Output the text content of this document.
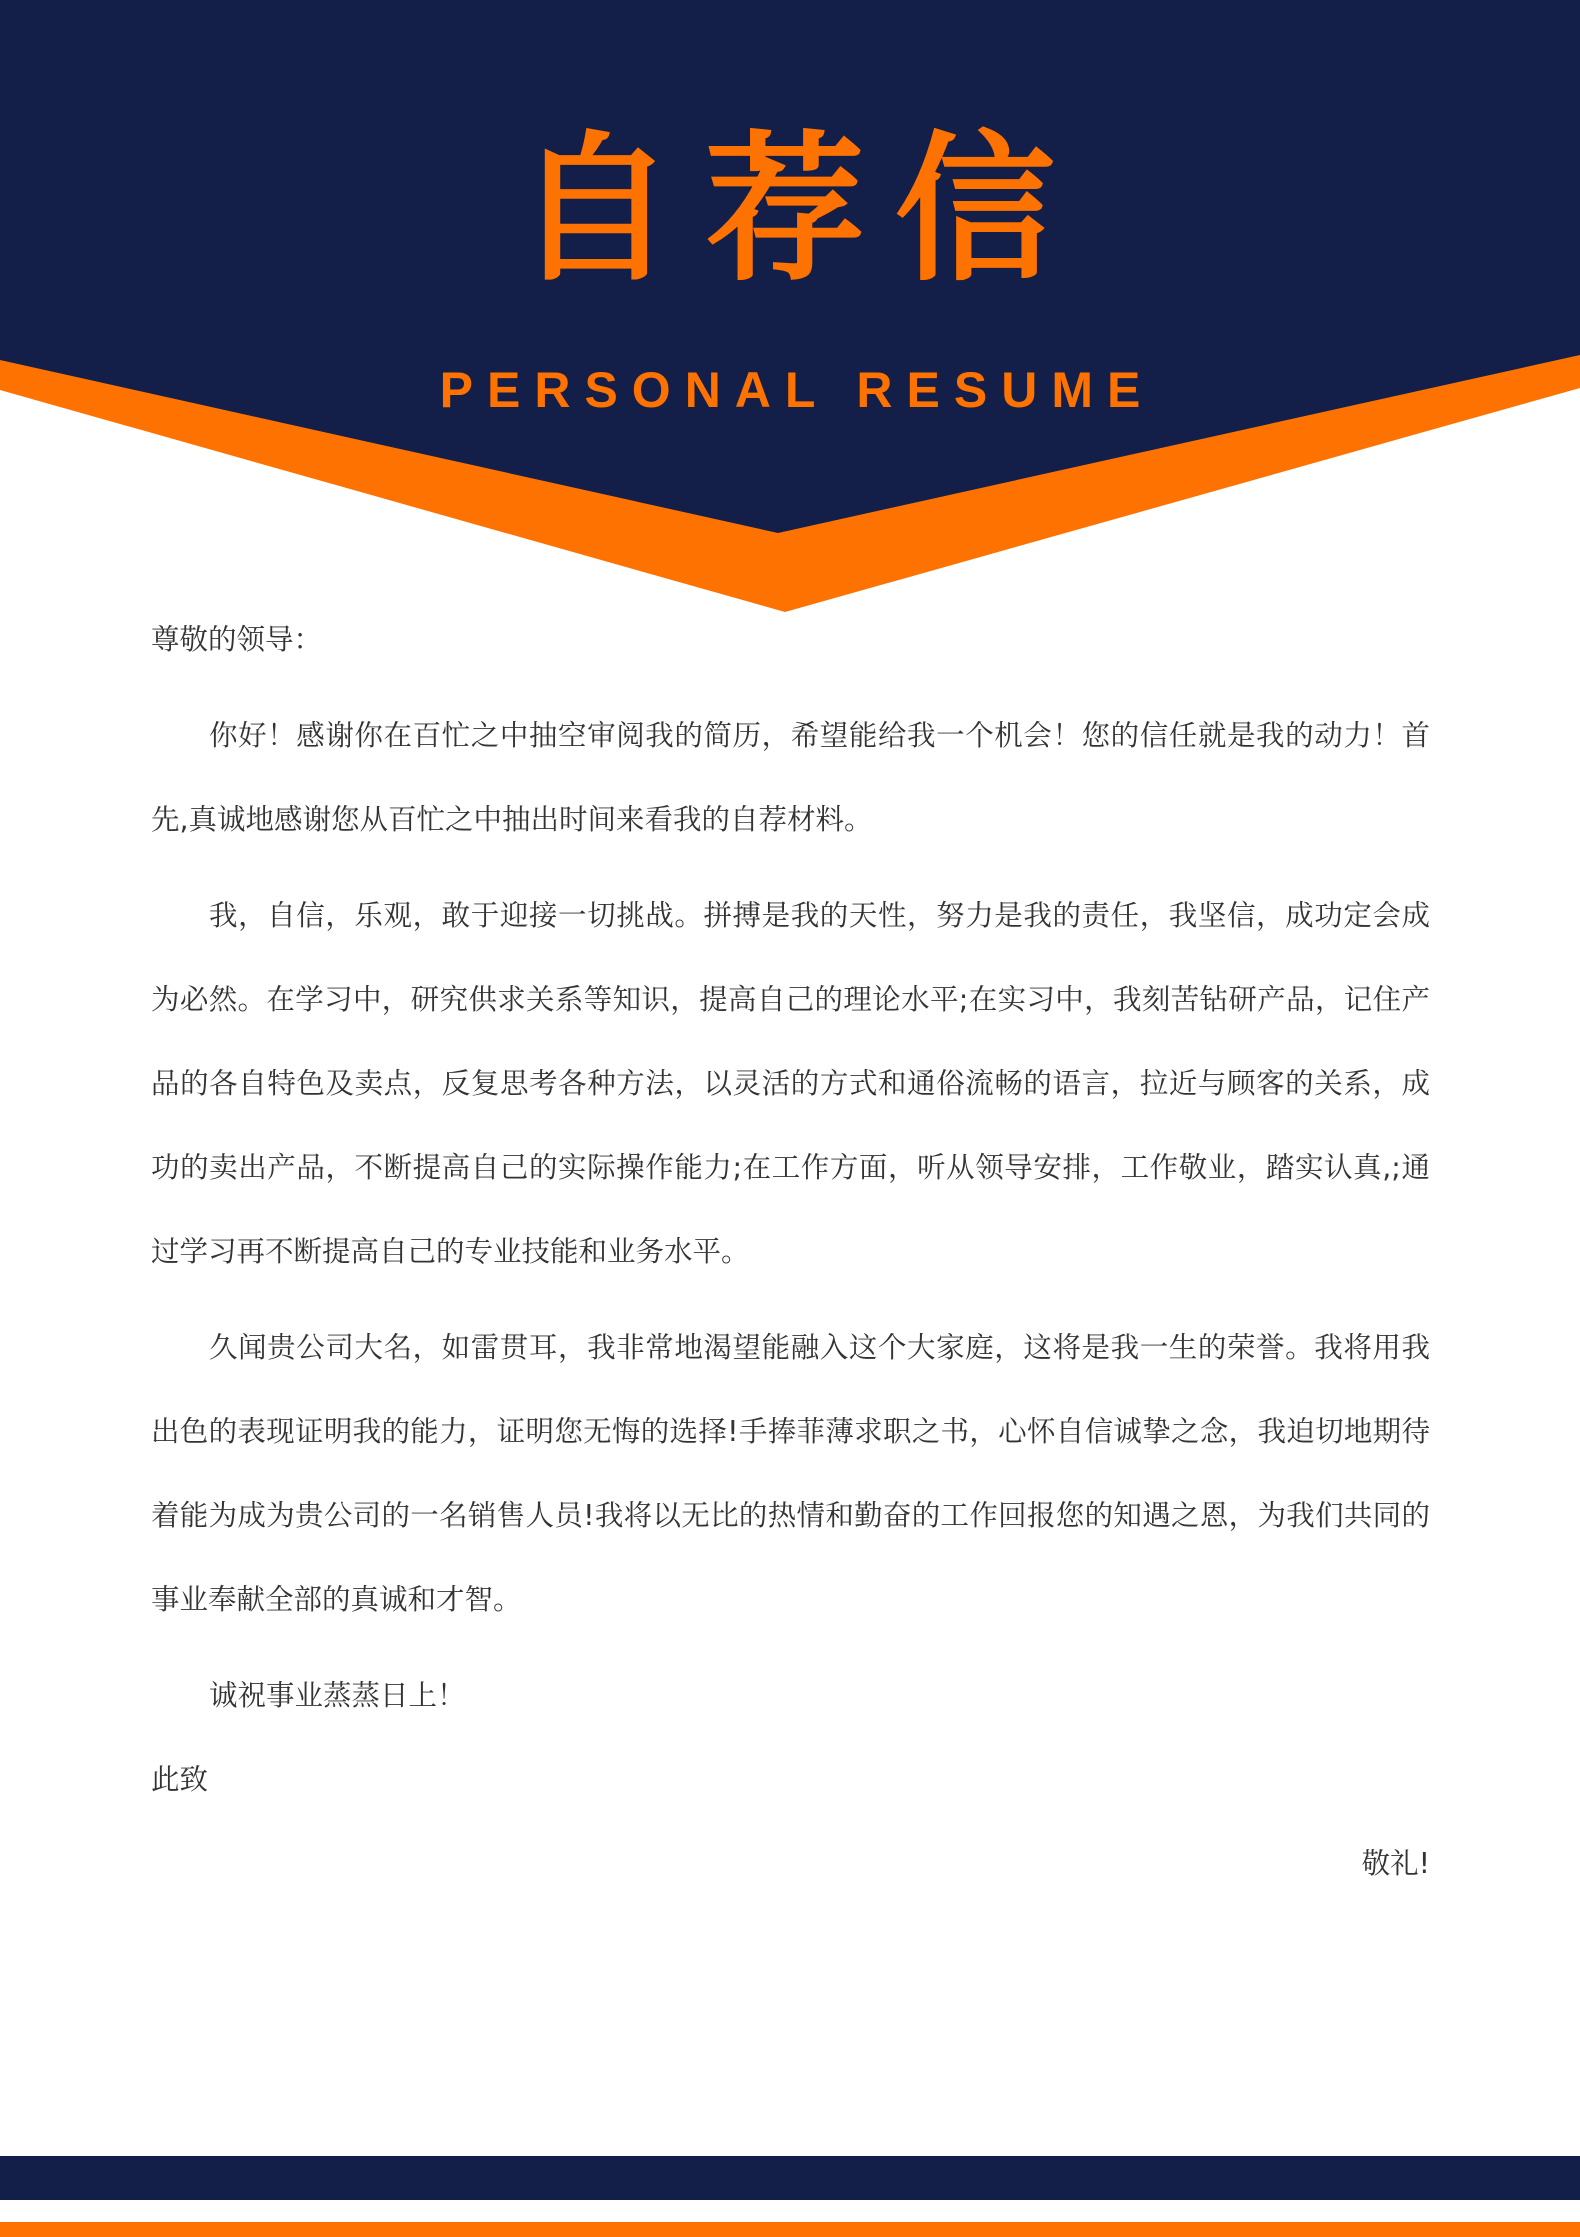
自荐信
PERSONAL RESUME

尊敬的领导：

你好！感谢你在百忙之中抽空审阅我的简历，希望能给我一个机会！您的信任就是我的动力！首先,真诚地感谢您从百忙之中抽出时间来看我的自荐材料。

我，自信，乐观，敢于迎接一切挑战。拼搏是我的天性，努力是我的责任，我坚信，成功定会成为必然。在学习中，研究供求关系等知识，提高自己的理论水平;在实习中，我刻苦钻研产品，记住产品的各自特色及卖点，反复思考各种方法，以灵活的方式和通俗流畅的语言，拉近与顾客的关系，成功的卖出产品，不断提高自己的实际操作能力;在工作方面，听从领导安排，工作敬业，踏实认真,;通过学习再不断提高自己的专业技能和业务水平。

久闻贵公司大名，如雷贯耳，我非常地渴望能融入这个大家庭，这将是我一生的荣誉。我将用我出色的表现证明我的能力，证明您无悔的选择!手捧菲薄求职之书，心怀自信诚挚之念，我迫切地期待着能为成为贵公司的一名销售人员!我将以无比的热情和勤奋的工作回报您的知遇之恩，为我们共同的事业奉献全部的真诚和才智。

诚祝事业蒸蒸日上！

此致

敬礼!
